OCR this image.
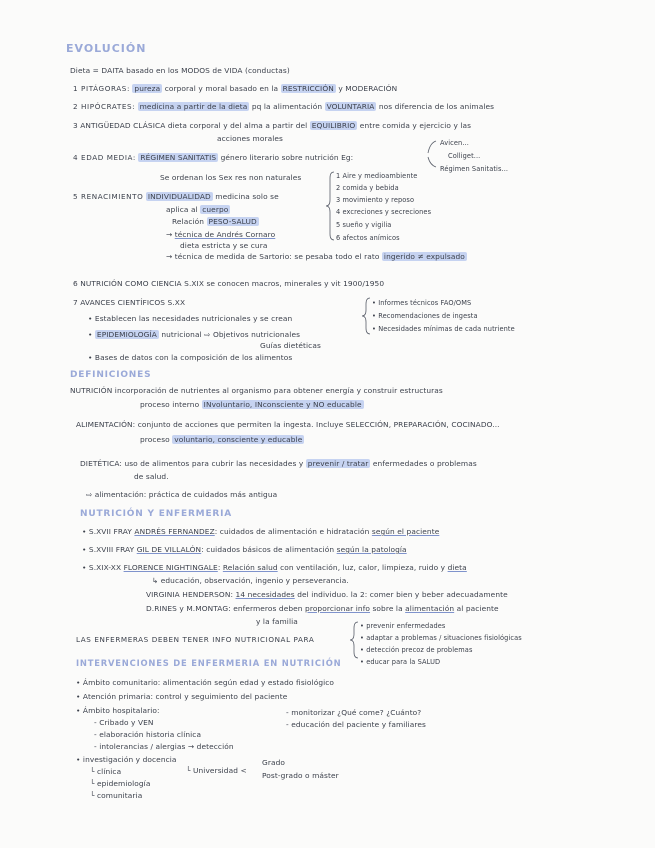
EVOLUCIÓN
Dieta = DAITA basado en los MODOS de VIDA (conductas)
1 PITÁGORAS: pureza corporal y moral basado en la RESTRICCIÓN y MODERACIÓN
2 HIPÓCRATES: medicina a partir de la dieta pq la alimentación VOLUNTARIA nos diferencia de los animales
3 ANTIGÜEDAD CLÁSICA dieta corporal y del alma a partir del EQUILIBRIO entre comida y ejercicio y las
acciones morales
4 EDAD MEDIA: RÉGIMEN SANITATIS género literario sobre nutrición Eg:
Avicen...
Colliget...
Régimen Sanitatis...
Se ordenan los Sex res non naturales	1 Aire y medioambiente
2 comida y bebida
3 movimiento y reposo
4 excreciones y secreciones
5 sueño y vigilia
6 afectos anímicos
5 RENACIMIENTO INDIVIDUALIDAD medicina solo se
aplica al cuerpo
Relación PESO-SALUD
→ técnica de Andrés Cornaro
dieta estricta y se cura
→ técnica de medida de Sartorio: se pesaba todo el rato ingerido ≠ expulsado
6 NUTRICIÓN COMO CIENCIA S.XIX se conocen macros, minerales y vit 1900/1950
7 AVANCES CIENTÍFICOS S.XX
• Establecen las necesidades nutricionales y se crean
• EPIDEMIOLOGÍA nutricional ⇨ Objetivos nutricionales
Guías dietéticas
• Bases de datos con la composición de los alimentos
• Informes técnicos FAO/OMS
• Recomendaciones de ingesta
• Necesidades mínimas de cada nutriente
DEFINICIONES
NUTRICIÓN incorporación de nutrientes al organismo para obtener energía y construir estructuras
proceso interno INvoluntario, INconsciente y NO educable
ALIMENTACIÓN: conjunto de acciones que permiten la ingesta. Incluye SELECCIÓN, PREPARACIÓN, COCINADO...
proceso voluntario, consciente y educable
DIETÉTICA: uso de alimentos para cubrir las necesidades y prevenir / tratar enfermedades o problemas
de salud.
⇨ alimentación: práctica de cuidados más antigua
NUTRICIÓN Y ENFERMERIA
• S.XVII FRAY ANDRÉS FERNANDEZ: cuidados de alimentación e hidratación según el paciente
• S.XVIII FRAY GIL DE VILLALÓN: cuidados básicos de alimentación según la patología
• S.XIX-XX FLORENCE NIGHTINGALE: Relación salud con ventilación, luz, calor, limpieza, ruido y dieta
↳ educación, observación, ingenio y perseverancia.
VIRGINIA HENDERSON: 14 necesidades del individuo. la 2: comer bien y beber adecuadamente
D.RINES y M.MONTAG: enfermeros deben proporcionar info sobre la alimentación al paciente
y la familia
LAS ENFERMERAS DEBEN TENER INFO NUTRICIONAL PARA
• prevenir enfermedades
• adaptar a problemas / situaciones fisiológicas
• detección precoz de problemas
• educar para la SALUD
INTERVENCIONES DE ENFERMERIA EN NUTRICIÓN
• Ámbito comunitario: alimentación según edad y estado fisiológico
• Atención primaria: control y seguimiento del paciente
• Ámbito hospitalario:
- Cribado y VEN
- elaboración historia clínica
- intolerancias / alergias → detección
- monitorizar ¿Qué come? ¿Cuánto?
- educación del paciente y familiares
• investigación y docencia
└ clínica
└ epidemiología
└ comunitaria
└ Universidad <
Grado
Post-grado o máster
